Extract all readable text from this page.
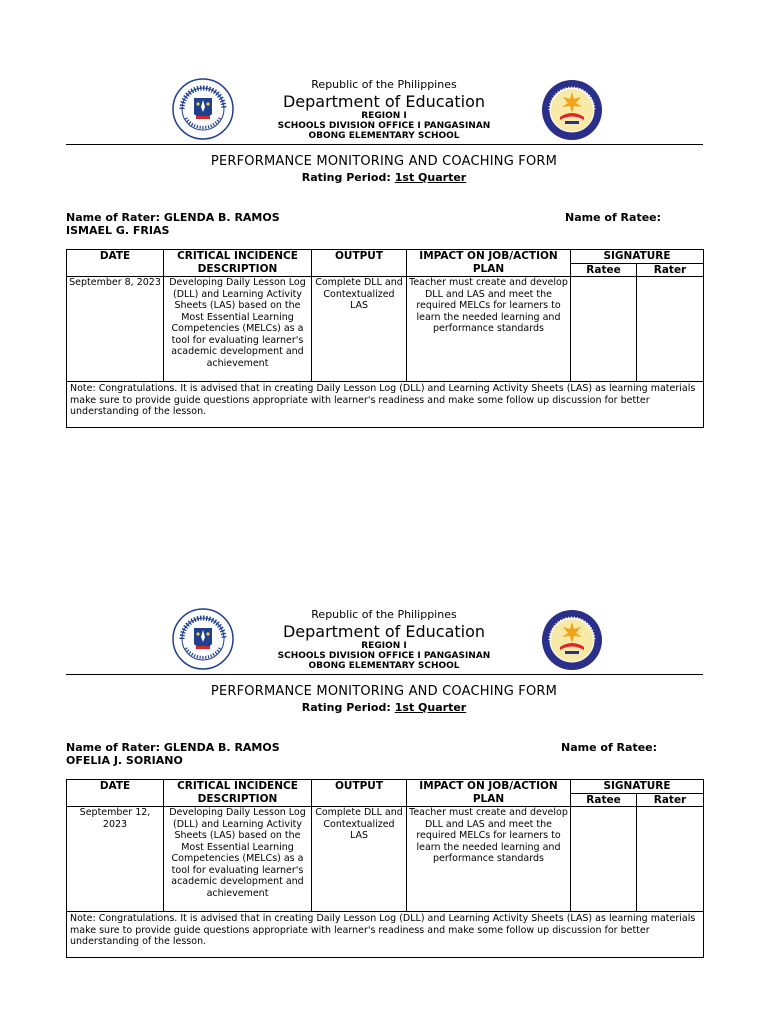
Republic of the Philippines
Department of Education
REGION I
SCHOOLS DIVISION OFFICE I PANGASINAN
OBONG ELEMENTARY SCHOOL
PERFORMANCE MONITORING AND COACHING FORM
Rating Period: 1st Quarter
Name of Rater: GLENDA B. RAMOS	Name of Ratee:
ISMAEL G. FRIAS
DATE	CRITICAL INCIDENCE DESCRIPTION	OUTPUT	IMPACT ON JOB/ACTION PLAN	SIGNATURE	
				Ratee	Rater
September 8, 2023	Developing Daily Lesson Log (DLL) and Learning Activity Sheets (LAS) based on the Most Essential Learning Competencies (MELCs) as a tool for evaluating learner's academic development and achievement	Complete DLL and Contextualized LAS	Teacher must create and develop DLL and LAS and meet the required MELCs for learners to learn the needed learning and performance standards		
Note: Congratulations. It is advised that in creating Daily Lesson Log (DLL) and Learning Activity Sheets (LAS) as learning materials make sure to provide guide questions appropriate with learner's readiness and make some follow up discussion for better understanding of the lesson.					
Republic of the Philippines
Department of Education
REGION I
SCHOOLS DIVISION OFFICE I PANGASINAN
OBONG ELEMENTARY SCHOOL
PERFORMANCE MONITORING AND COACHING FORM
Rating Period: 1st Quarter
Name of Rater: GLENDA B. RAMOS	Name of Ratee:
OFELIA J. SORIANO
DATE	CRITICAL INCIDENCE DESCRIPTION	OUTPUT	IMPACT ON JOB/ACTION PLAN	SIGNATURE	
				Ratee	Rater
September 12, 2023	Developing Daily Lesson Log (DLL) and Learning Activity Sheets (LAS) based on the Most Essential Learning Competencies (MELCs) as a tool for evaluating learner's academic development and achievement	Complete DLL and Contextualized LAS	Teacher must create and develop DLL and LAS and meet the required MELCs for learners to learn the needed learning and performance standards		
Note: Congratulations. It is advised that in creating Daily Lesson Log (DLL) and Learning Activity Sheets (LAS) as learning materials make sure to provide guide questions appropriate with learner's readiness and make some follow up discussion for better understanding of the lesson.					
